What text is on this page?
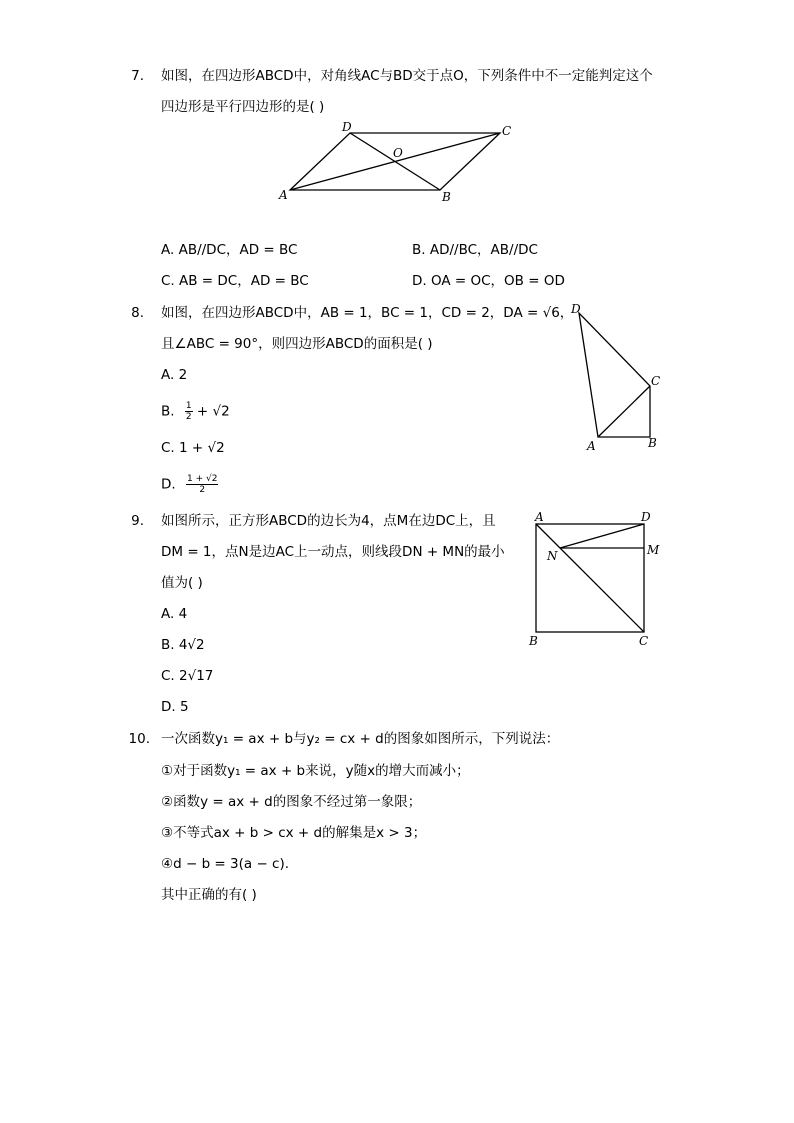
7. 如图，在四边形ABCD中，对角线AC与BD交于点O，下列条件中不一定能判定这个
四边形是平行四边形的是( )
A	B
C
D
O
A. AB//DC，AD = BC	B. AD//BC，AB//DC
C. AB = DC，AD = BC	D. OA = OC，OB = OD
8. 如图，在四边形ABCD中，AB = 1，BC = 1，CD = 2，DA = √6，
且∠ABC = 90°，则四边形ABCD的面积是( )
A	B
C
D
A. 2
B. $\frac{1}{2} + √2$
C. 1 + √2
D. $\frac{1 + √2}{2}$
9. 如图所示，正方形ABCD的边长为4，点M在边DC上，且
DM = 1，点N是边AC上一动点，则线段DN + MN的最小
值为( )
A
B	C
D
M
N
A. 4
B. 4√2
C. 2√17
D. 5
10. 一次函数y₁ = ax + b与y₂ = cx + d的图象如图所示，下列说法：
①对于函数y₁ = ax + b来说，y随x的增大而减小；
②函数y = ax + d的图象不经过第一象限；
③不等式ax + b > cx + d的解集是x > 3；
④d − b = 3(a − c).
其中正确的有( )
